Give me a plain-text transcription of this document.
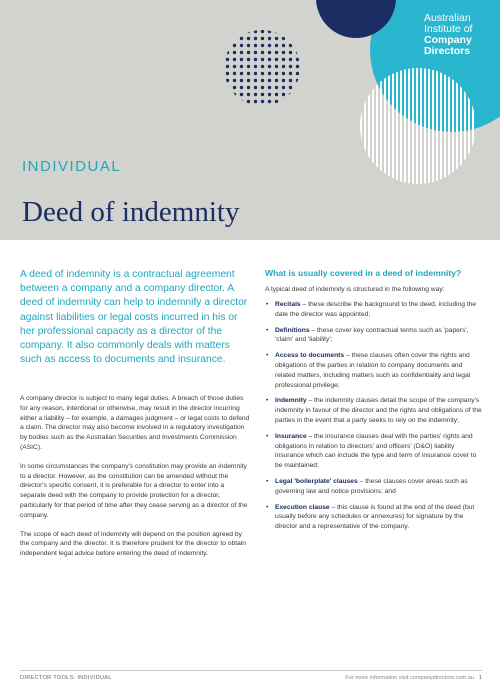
Australian
Institute of
Company
Directors
INDIVIDUAL
Deed of indemnity

A deed of indemnity is a contractual agreement between a company and a company director. A deed of indemnity can help to indemnify a director against liabilities or legal costs incurred in his or her professional capacity as a director of the company. It also commonly deals with matters such as access to documents and insurance.

A company director is subject to many legal duties. A breach of those duties for any reason, intentional or otherwise, may result in the director incurring either a liability – for example, a damages judgment – or legal costs to defend a claim. The director may also become involved in a regulatory investigation by bodies such as the Australian Securities and Investments Commission (ASIC).

In some circumstances the company's constitution may provide an indemnity to a director. However, as the constitution can be amended without the director's specific consent, it is preferable for a director to enter into a separate deed with the company to provide protection for a director, particularly for that period of time after they cease serving as a director of the company.

The scope of each deed of indemnity will depend on the position agreed by the company and the director. It is therefore prudent for the director to obtain independent legal advice before entering the deed of indemnity.

What is usually covered in a deed of indemnity?

A typical deed of indemnity is structured in the following way:

• Recitals – these describe the background to the deed, including the date the director was appointed;
• Definitions – these cover key contractual terms such as 'papers', 'claim' and 'liability';
• Access to documents – these clauses often cover the rights and obligations of the parties in relation to company documents and related matters, including matters such as confidentiality and legal professional privilege;
• Indemnity – the indemnity clauses detail the scope of the company's indemnity in favour of the director and the rights and obligations of the parties in the event that a party seeks to rely on the indemnity;
• Insurance – the insurance clauses deal with the parties' rights and obligations in relation to directors' and officers' (D&O) liability insurance which can include the type and term of insurance cover to be maintained;
• Legal 'boilerplate' clauses – these clauses cover areas such as governing law and notice provisions; and
• Execution clause – this clause is found at the end of the deed (but usually before any schedules or annexures) for signature by the director and a representative of the company.
DIRECTOR TOOLS: INDIVIDUAL	For more information visit companydirectors.com.au 1
